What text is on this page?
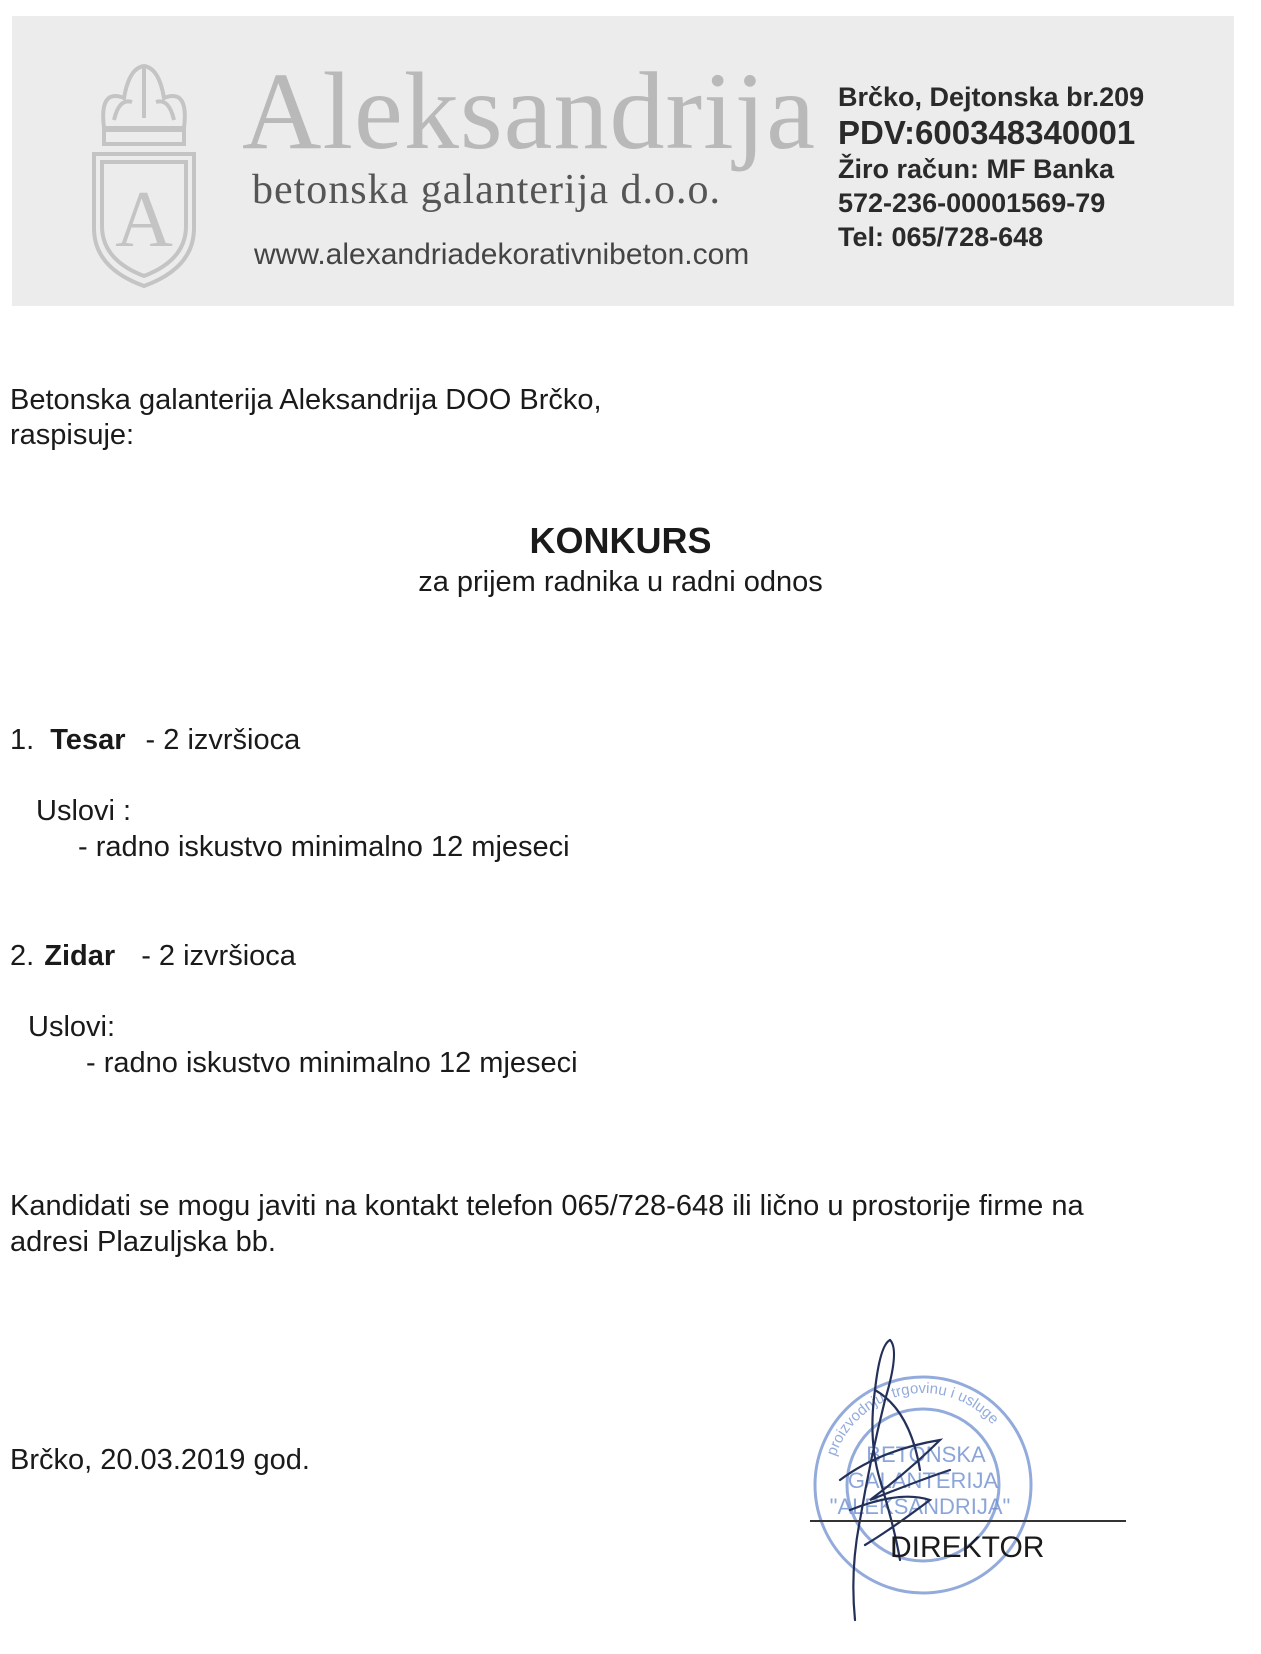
A
Aleksandrija
betonska galanterija d.o.o.
www.alexandriadekorativnibeton.com
Brčko, Dejtonska br.209
PDV:600348340001
Žiro račun: MF Banka
572-236-00001569-79
Tel: 065/728-648
Betonska galanterija Aleksandrija DOO Brčko,
raspisuje:
KONKURS
za prijem radnika u radni odnos
1. Tesar - 2 izvršioca
Uslovi :
- radno iskustvo minimalno 12 mjeseci
2. Zidar - 2 izvršioca
Uslovi:
- radno iskustvo minimalno 12 mjeseci
Kandidati se mogu javiti na kontakt telefon 065/728-648 ili lično u prostorije firme na
adresi Plazuljska bb.
Brčko, 20.03.2019 god.	proizvodnju, trgovinu i usluge
BETONSKA
GALANTERIJA
"ALEKSANDRIJA"
DIREKTOR
